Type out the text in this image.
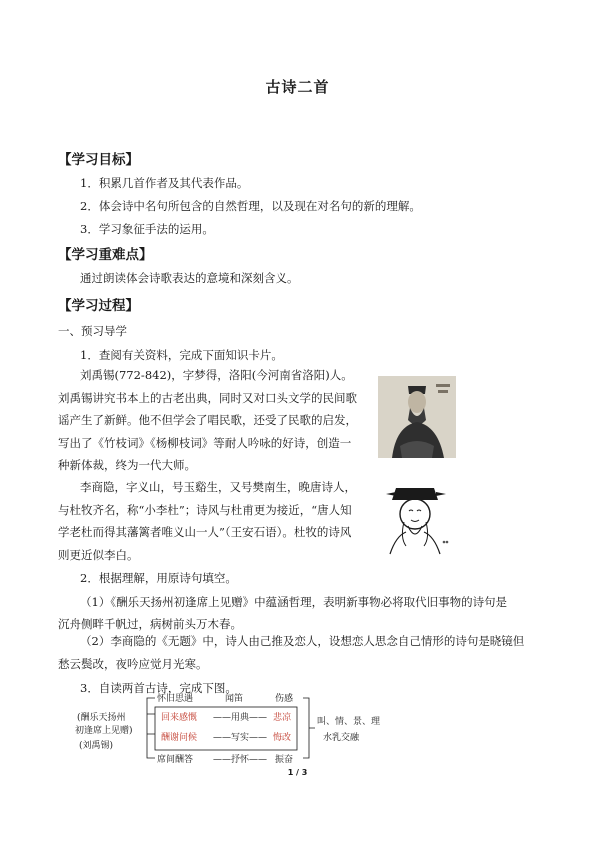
古诗二首
【学习目标】
1．积累几首作者及其代表作品。
2．体会诗中名句所包含的自然哲理，以及现在对名句的新的理解。
3．学习象征手法的运用。
【学习重难点】
通过朗读体会诗歌表达的意境和深刻含义。
【学习过程】
一、预习导学
1．查阅有关资料，完成下面知识卡片。
刘禹锡(772-842)，字梦得，洛阳(今河南省洛阳)人。刘禹锡讲究书本上的古老出典，同时又对口头文学的民间歌谣产生了新鲜。他不但学会了唱民歌，还受了民歌的启发，写出了《竹枝词》《杨柳枝词》等耐人吟咏的好诗，创造一种新体裁，终为一代大师。
李商隐，字义山，号玉谿生，又号樊南生，晚唐诗人，与杜牧齐名，称“小李杜”；诗风与杜甫更为接近，“唐人知学老杜而得其藩篱者唯义山一人”（王安石语）。杜牧的诗风则更近似李白。
2．根据理解，用原诗句填空。
（1）《酬乐天扬州初逢席上见赠》中蕴涵哲理，表明新事物必将取代旧事物的诗句是
沉舟侧畔千帆过，病树前头万木春。
（2）李商隐的《无题》中，诗人由己推及恋人，设想恋人思念自己情形的诗句是晓镜但愁云鬓改，夜吟应觉月光寒。
3．自读两首古诗，完成下图。
(酬乐天扬州
初逢席上见赠)
(刘禹锡)
怀旧思遇	闻笛	伤感
回来感慨 ——用典—— 悲凉
酬谢问候 ——写实—— 悔改
席间酬答 ——抒怀—— 振奋
叫、情、景、理
水乳交融
1 / 3
